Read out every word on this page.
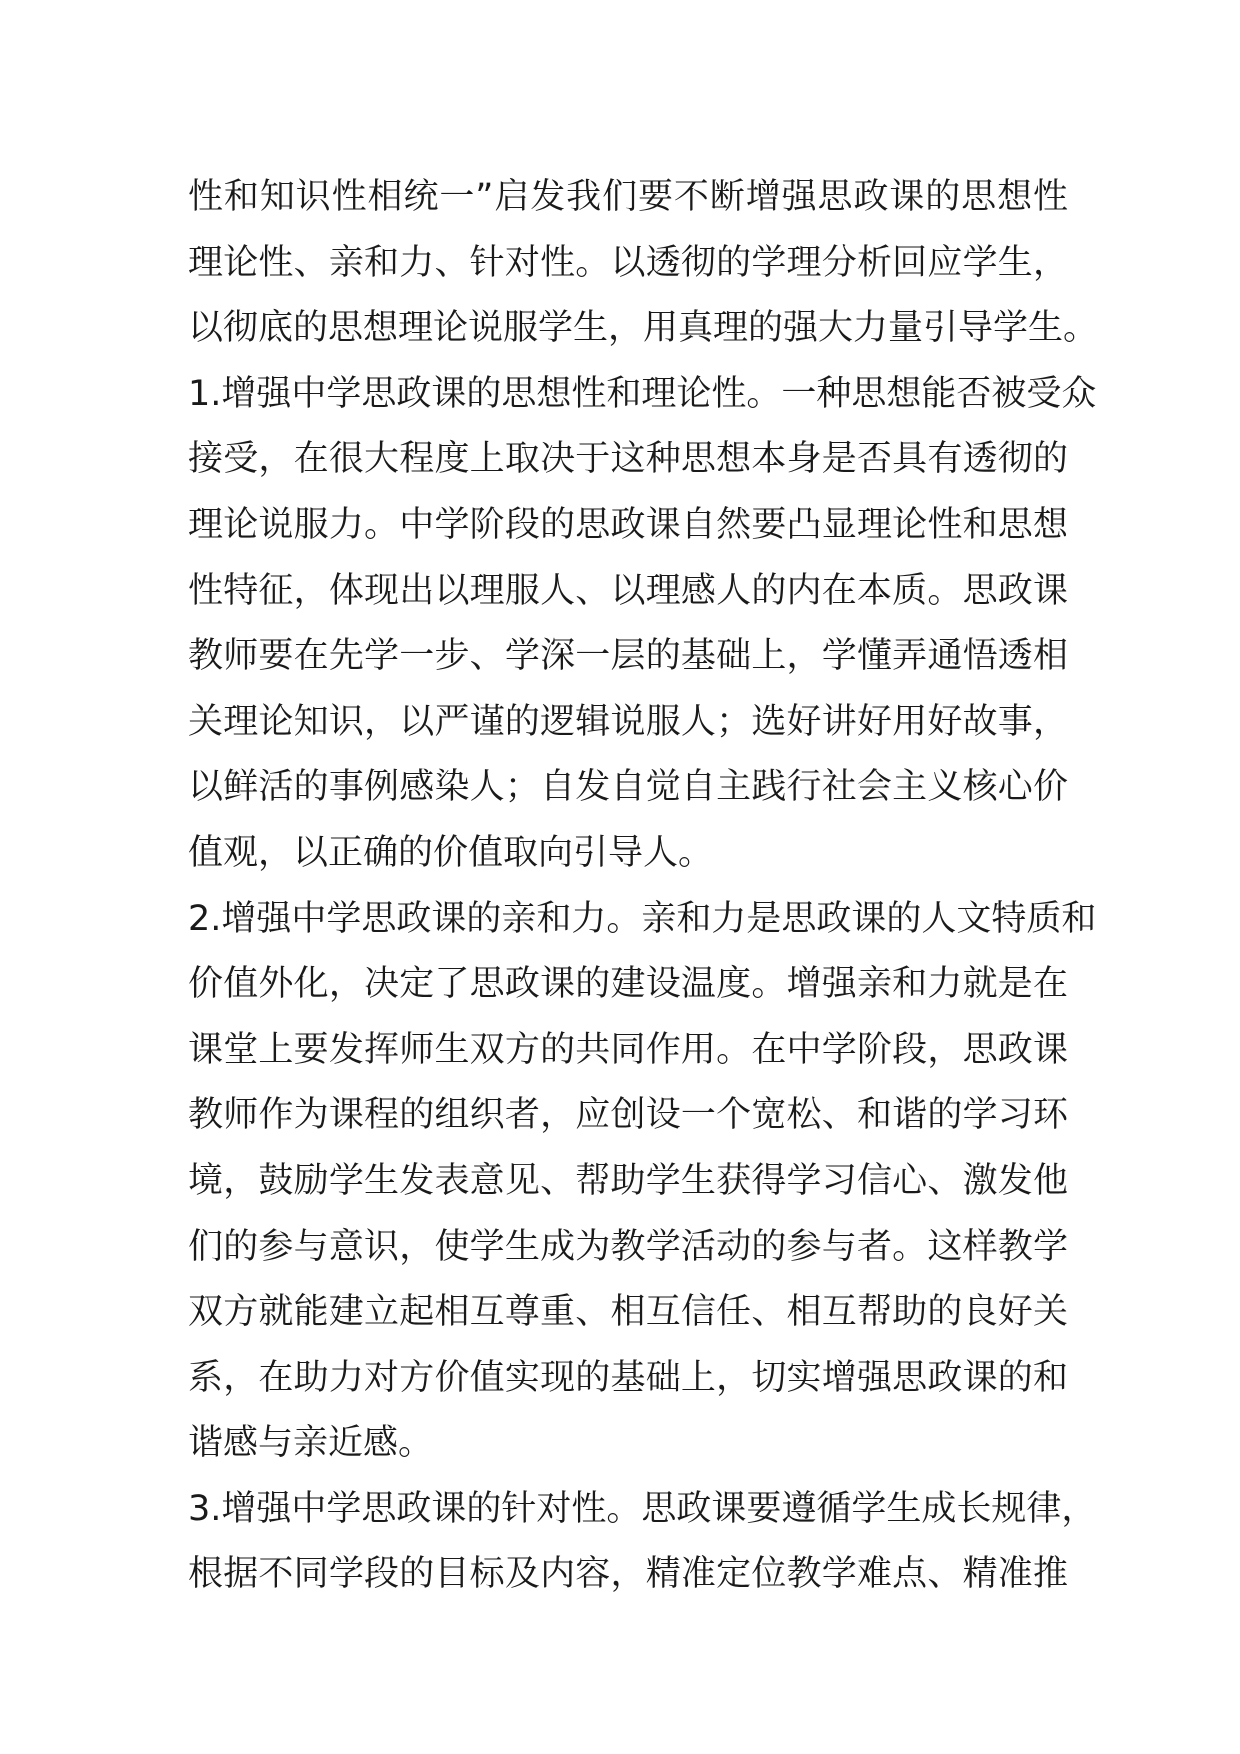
性和知识性相统一”启发我们要不断增强思政课的思想性
理论性、亲和力、针对性。以透彻的学理分析回应学生，
以彻底的思想理论说服学生，用真理的强大力量引导学生。
1.增强中学思政课的思想性和理论性。一种思想能否被受众
接受，在很大程度上取决于这种思想本身是否具有透彻的
理论说服力。中学阶段的思政课自然要凸显理论性和思想
性特征，体现出以理服人、以理感人的内在本质。思政课
教师要在先学一步、学深一层的基础上，学懂弄通悟透相
关理论知识，以严谨的逻辑说服人；选好讲好用好故事，
以鲜活的事例感染人；自发自觉自主践行社会主义核心价
值观，以正确的价值取向引导人。
2.增强中学思政课的亲和力。亲和力是思政课的人文特质和
价值外化，决定了思政课的建设温度。增强亲和力就是在
课堂上要发挥师生双方的共同作用。在中学阶段，思政课
教师作为课程的组织者，应创设一个宽松、和谐的学习环
境，鼓励学生发表意见、帮助学生获得学习信心、激发他
们的参与意识，使学生成为教学活动的参与者。这样教学
双方就能建立起相互尊重、相互信任、相互帮助的良好关
系，在助力对方价值实现的基础上，切实增强思政课的和
谐感与亲近感。
3.增强中学思政课的针对性。思政课要遵循学生成长规律，
根据不同学段的目标及内容，精准定位教学难点、精准推
